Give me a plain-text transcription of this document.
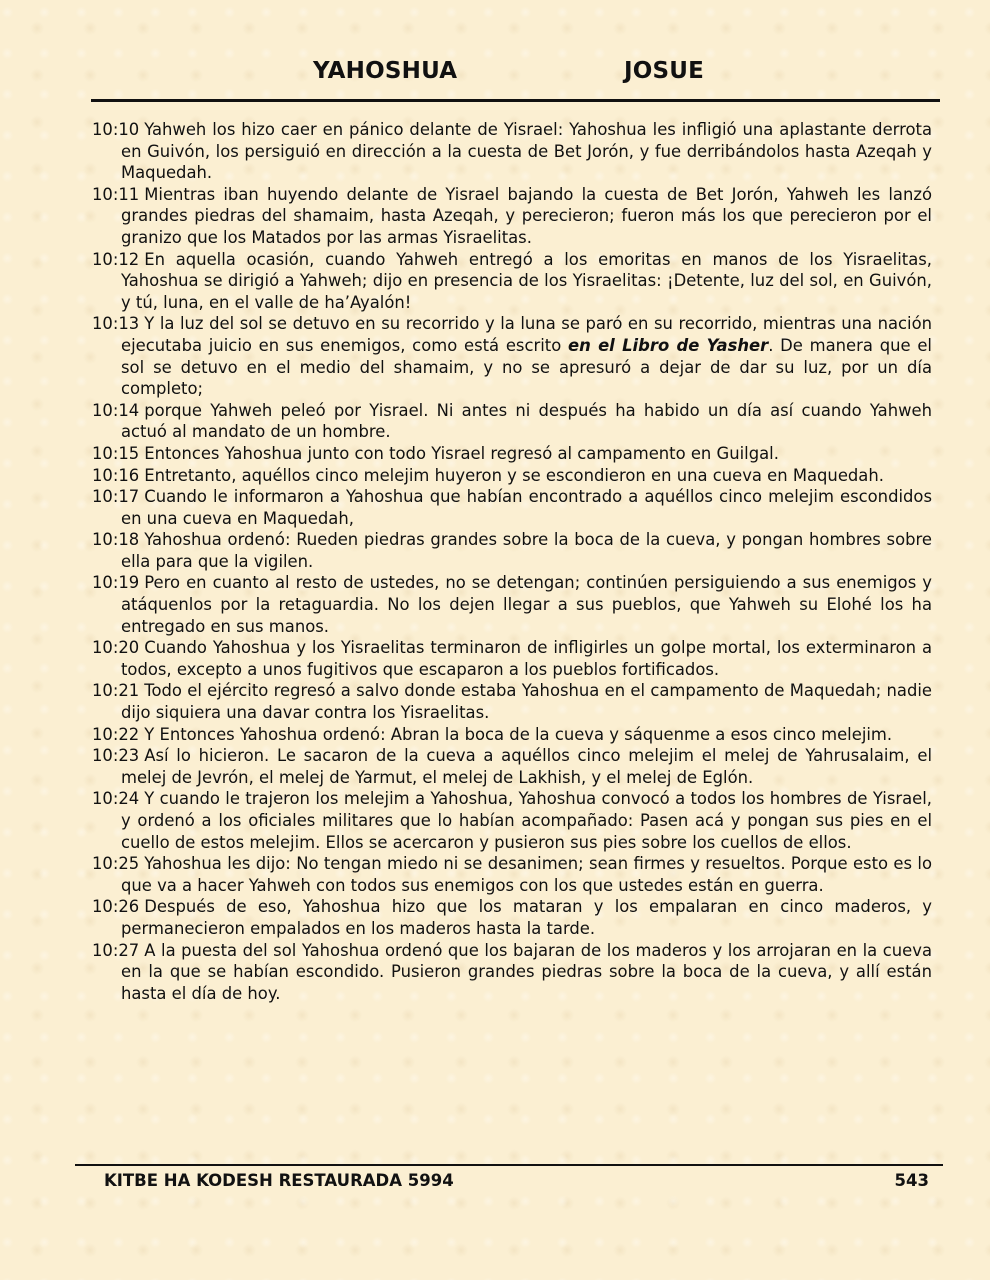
YAHOSHUA	JOSUE

10:10 Yahweh los hizo caer en pánico delante de Yisrael: Yahoshua les infligió una aplastante derrota en Guivón, los persiguió en dirección a la cuesta de Bet Jorón, y fue derribándolos hasta Azeqah y Maquedah.

10:11 Mientras iban huyendo delante de Yisrael bajando la cuesta de Bet Jorón, Yahweh les lanzó grandes piedras del shamaim, hasta Azeqah, y perecieron; fueron más los que perecieron por el granizo que los Matados por las armas Yisraelitas.

10:12 En aquella ocasión, cuando Yahweh entregó a los emoritas en manos de los Yisraelitas, Yahoshua se dirigió a Yahweh; dijo en presencia de los Yisraelitas: ¡Detente, luz del sol, en Guivón, y tú, luna, en el valle de ha’Ayalón!

10:13 Y la luz del sol se detuvo en su recorrido y la luna se paró en su recorrido, mientras una nación ejecutaba juicio en sus enemigos, como está escrito en el Libro de Yasher. De manera que el sol se detuvo en el medio del shamaim, y no se apresuró a dejar de dar su luz, por un día completo;

10:14 porque Yahweh peleó por Yisrael. Ni antes ni después ha habido un día así cuando Yahweh actuó al mandato de un hombre.

10:15 Entonces Yahoshua junto con todo Yisrael regresó al campamento en Guilgal.

10:16 Entretanto, aquéllos cinco melejim huyeron y se escondieron en una cueva en Maquedah.

10:17 Cuando le informaron a Yahoshua que habían encontrado a aquéllos cinco melejim escondidos en una cueva en Maquedah,

10:18 Yahoshua ordenó: Rueden piedras grandes sobre la boca de la cueva, y pongan hombres sobre ella para que la vigilen.

10:19 Pero en cuanto al resto de ustedes, no se detengan; continúen persiguiendo a sus enemigos y atáquenlos por la retaguardia. No los dejen llegar a sus pueblos, que Yahweh su Elohé los ha entregado en sus manos.

10:20 Cuando Yahoshua y los Yisraelitas terminaron de infligirles un golpe mortal, los exterminaron a todos, excepto a unos fugitivos que escaparon a los pueblos fortificados.

10:21 Todo el ejército regresó a salvo donde estaba Yahoshua en el campamento de Maquedah; nadie dijo siquiera una davar contra los Yisraelitas.

10:22 Y Entonces Yahoshua ordenó: Abran la boca de la cueva y sáquenme a esos cinco melejim.

10:23 Así lo hicieron. Le sacaron de la cueva a aquéllos cinco melejim el melej de Yahrusalaim, el melej de Jevrón, el melej de Yarmut, el melej de Lakhish, y el melej de Eglón.

10:24 Y cuando le trajeron los melejim a Yahoshua, Yahoshua convocó a todos los hombres de Yisrael, y ordenó a los oficiales militares que lo habían acompañado: Pasen acá y pongan sus pies en el cuello de estos melejim. Ellos se acercaron y pusieron sus pies sobre los cuellos de ellos.

10:25 Yahoshua les dijo: No tengan miedo ni se desanimen; sean firmes y resueltos. Porque esto es lo que va a hacer Yahweh con todos sus enemigos con los que ustedes están en guerra.

10:26 Después de eso, Yahoshua hizo que los mataran y los empalaran en cinco maderos, y permanecieron empalados en los maderos hasta la tarde.

10:27 A la puesta del sol Yahoshua ordenó que los bajaran de los maderos y los arrojaran en la cueva en la que se habían escondido. Pusieron grandes piedras sobre la boca de la cueva, y allí están hasta el día de hoy.

KITBE HA KODESH RESTAURADA 5994	543
